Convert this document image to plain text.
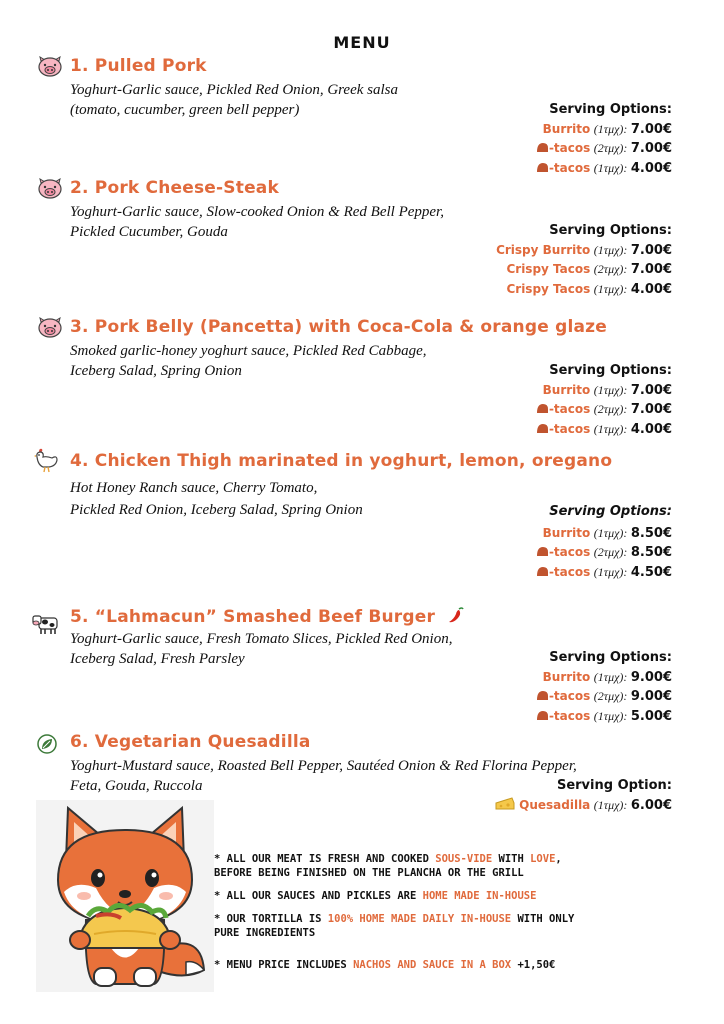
MENU
1. Pulled Pork
Yoghurt-Garlic sauce, Pickled Red Onion, Greek salsa
(tomato, cucumber, green bell pepper)	Serving Options:
Burrito (1τμχ): 7.00€
-tacos (2τμχ): 7.00€
-tacos (1τμχ): 4.00€
2. Pork Cheese-Steak
Yoghurt-Garlic sauce, Slow-cooked Onion & Red Bell Pepper,
Pickled Cucumber, Gouda	Serving Options:
Crispy Burrito (1τμχ): 7.00€
Crispy Tacos (2τμχ): 7.00€
Crispy Tacos (1τμχ): 4.00€
3. Pork Belly (Pancetta) with Coca-Cola & orange glaze
Smoked garlic-honey yoghurt sauce, Pickled Red Cabbage,
Iceberg Salad, Spring Onion	Serving Options:
Burrito (1τμχ): 7.00€
-tacos (2τμχ): 7.00€
-tacos (1τμχ): 4.00€
4. Chicken Thigh marinated in yoghurt, lemon, oregano
Hot Honey Ranch sauce, Cherry Tomato,
Pickled Red Onion, Iceberg Salad, Spring Onion	Serving Options:
Burrito (1τμχ): 8.50€
-tacos (2τμχ): 8.50€
-tacos (1τμχ): 4.50€
5. “Lahmacun” Smashed Beef Burger
Yoghurt-Garlic sauce, Fresh Tomato Slices, Pickled Red Onion,
Iceberg Salad, Fresh Parsley	Serving Options:
Burrito (1τμχ): 9.00€
-tacos (2τμχ): 9.00€
-tacos (1τμχ): 5.00€
6. Vegetarian Quesadilla
Yoghurt-Mustard sauce, Roasted Bell Pepper, Sautéed Onion & Red Florina Pepper,
Feta, Gouda, Ruccola	Serving Option:
Quesadilla (1τμχ): 6.00€
* ALL OUR MEAT IS FRESH AND COOKED SOUS-VIDE WITH LOVE,
BEFORE BEING FINISHED ON THE PLANCHA OR THE GRILL
* ALL OUR SAUCES AND PICKLES ARE HOME MADE IN-HOUSE
* OUR TORTILLA IS 100% HOME MADE DAILY IN-HOUSE WITH ONLY
PURE INGREDIENTS
* MENU PRICE INCLUDES NACHOS AND SAUCE IN A BOX +1,50€
